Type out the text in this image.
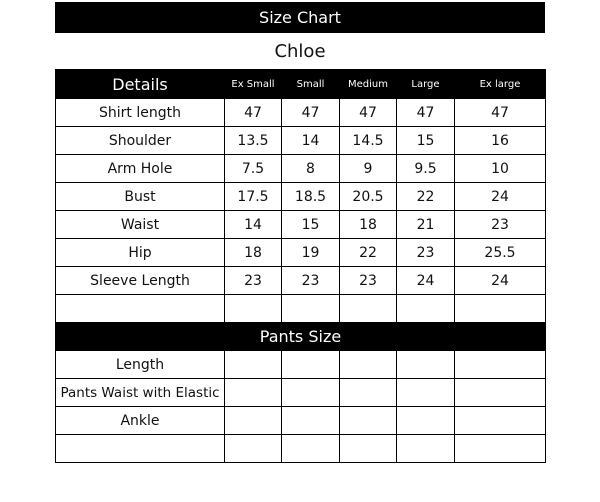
Size Chart
Chloe
Details	Ex Small	Small	Medium	Large	Ex large
Shirt length	47	47	47	47	47
Shoulder	13.5	14	14.5	15	16
Arm Hole	7.5	8	9	9.5	10
Bust	17.5	18.5	20.5	22	24
Waist	14	15	18	21	23
Hip	18	19	22	23	25.5
Sleeve Length	23	23	23	24	24

Pants Size					
Length					
Pants Waist with Elastic					
Ankle					
